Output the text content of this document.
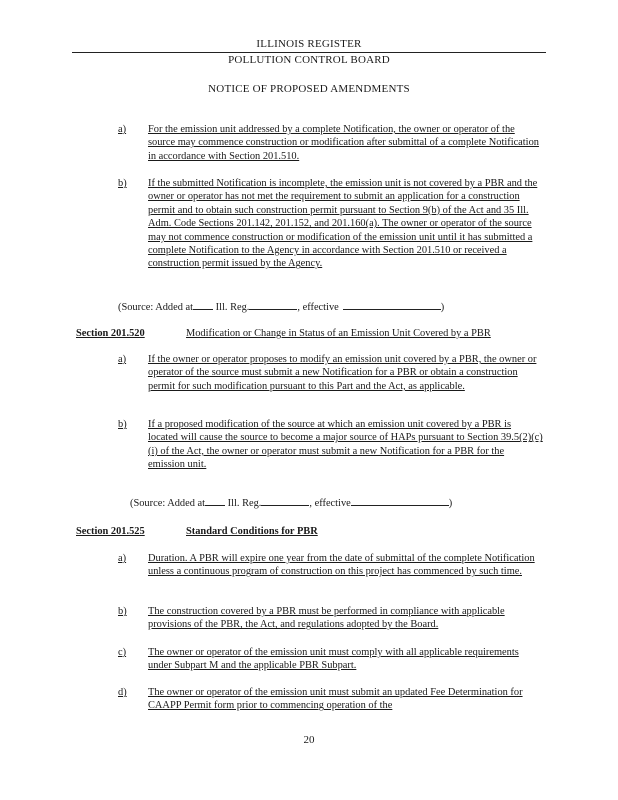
ILLINOIS REGISTER
POLLUTION CONTROL BOARD
NOTICE OF PROPOSED AMENDMENTS
a) For the emission unit addressed by a complete Notification, the owner or operator of the source may commence construction or modification after submittal of a complete Notification in accordance with Section 201.510.
b) If the submitted Notification is incomplete, the emission unit is not covered by a PBR and the owner or operator has not met the requirement to submit an application for a construction permit and to obtain such construction permit pursuant to Section 9(b) of the Act and 35 Ill. Adm. Code Sections 201.142, 201.152, and 201.160(a). The owner or operator of the source may not commence construction or modification of the emission unit until it has submitted a complete Notification to the Agency in accordance with Section 201.510 or received a construction permit issued by the Agency.
(Source: Added at Ill. Reg.	, effective	)
Section 201.520	Modification or Change in Status of an Emission Unit Covered by a PBR
a) If the owner or operator proposes to modify an emission unit covered by a PBR, the owner or operator of the source must submit a new Notification for a PBR or obtain a construction permit for such modification pursuant to this Part and the Act, as applicable.
b) If a proposed modification of the source at which an emission unit covered by a PBR is located will cause the source to become a major source of HAPs pursuant to Section 39.5(2)(c)(i) of the Act, the owner or operator must submit a new Notification for a PBR for the emission unit.
(Source: Added at Ill. Reg.	, effective	)
Section 201.525	Standard Conditions for PBR
a) Duration. A PBR will expire one year from the date of submittal of the complete Notification unless a continuous program of construction on this project has commenced by such time.
b) The construction covered by a PBR must be performed in compliance with applicable provisions of the PBR, the Act, and regulations adopted by the Board.
c) The owner or operator of the emission unit must comply with all applicable requirements under Subpart M and the applicable PBR Subpart.
d) The owner or operator of the emission unit must submit an updated Fee Determination for CAAPP Permit form prior to commencing operation of the
20
